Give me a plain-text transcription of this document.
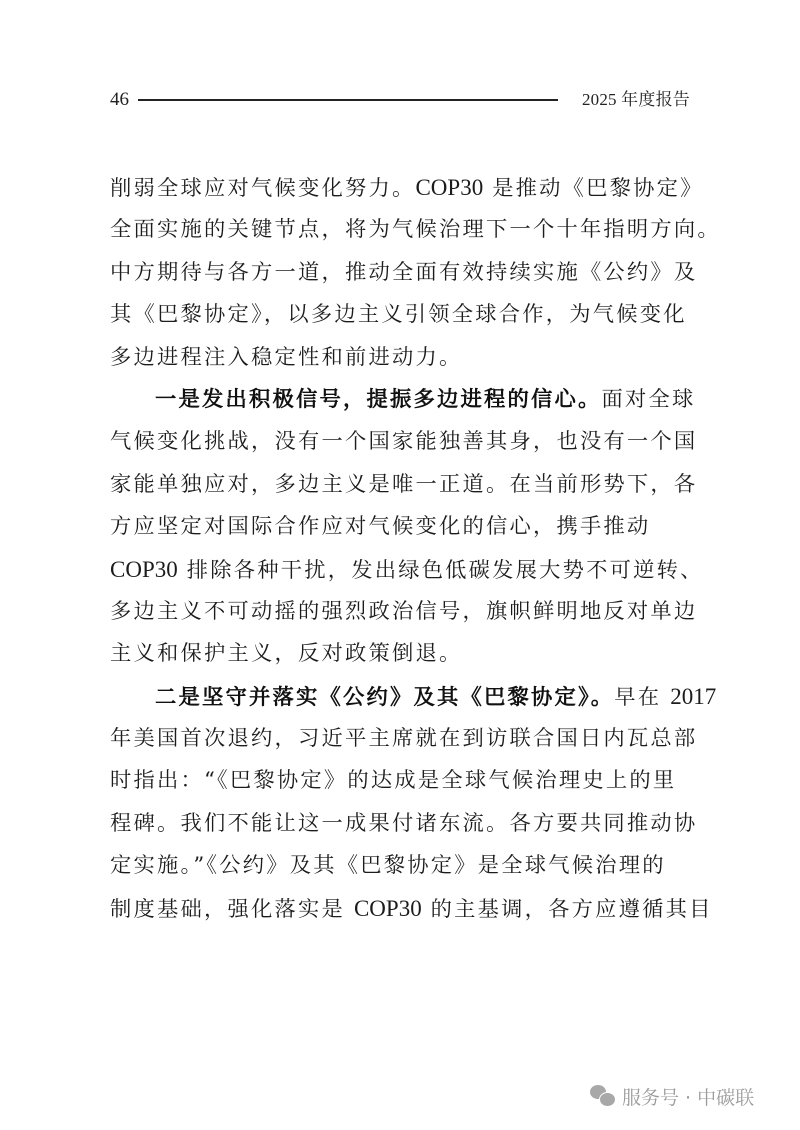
46	2025 年度报告
削弱全球应对气候变化努力。COP30 是推动《巴黎协定》
全面实施的关键节点，将为气候治理下一个十年指明方向。
中方期待与各方一道，推动全面有效持续实施《公约》及
其《巴黎协定》，以多边主义引领全球合作，为气候变化
多边进程注入稳定性和前进动力。
一是发出积极信号，提振多边进程的信心。面对全球
气候变化挑战，没有一个国家能独善其身，也没有一个国
家能单独应对，多边主义是唯一正道。在当前形势下，各
方应坚定对国际合作应对气候变化的信心，携手推动
COP30 排除各种干扰，发出绿色低碳发展大势不可逆转、
多边主义不可动摇的强烈政治信号，旗帜鲜明地反对单边
主义和保护主义，反对政策倒退。
二是坚守并落实《公约》及其《巴黎协定》。早在 2017
年美国首次退约，习近平主席就在到访联合国日内瓦总部
时指出：“《巴黎协定》的达成是全球气候治理史上的里
程碑。我们不能让这一成果付诸东流。各方要共同推动协
定实施。”《公约》及其《巴黎协定》是全球气候治理的
制度基础，强化落实是 COP30 的主基调，各方应遵循其目
服务号 · 中碳联
